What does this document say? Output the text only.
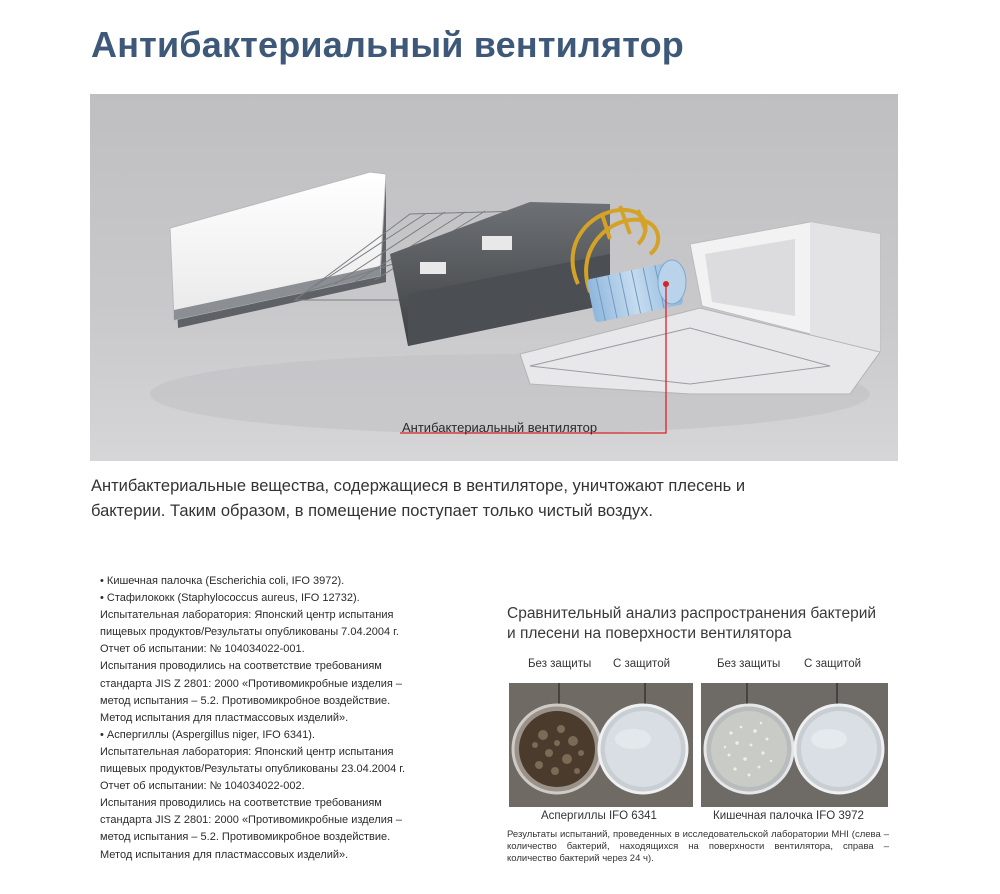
Антибактериальный вентилятор
Антибактериальный вентилятор
Антибактериальные вещества, содержащиеся в вентиляторе, уничтожают плесень и
бактерии. Таким образом, в помещение поступает только чистый воздух.

• Кишечная палочка (Escherichia coli, IFO 3972).

• Стафилококк (Staphylococcus aureus, IFO 12732).

Испытательная лаборатория: Японский центр испытания

пищевых продуктов/Результаты опубликованы 7.04.2004 г.

Отчет об испытании: № 104034022-001.

Испытания проводились на соответствие требованиям

стандарта JIS Z 2801: 2000 «Противомикробные изделия –

метод испытания – 5.2. Противомикробное воздействие.

Метод испытания для пластмассовых изделий».

• Аспергиллы (Aspergillus niger, IFO 6341).

Испытательная лаборатория: Японский центр испытания

пищевых продуктов/Результаты опубликованы 23.04.2004 г.

Отчет об испытании: № 104034022-002.

Испытания проводились на соответствие требованиям

стандарта JIS Z 2801: 2000 «Противомикробные изделия –

метод испытания – 5.2. Противомикробное воздействие.

Метод испытания для пластмассовых изделий».

Сравнительный анализ распространения бактерий
и плесени на поверхности вентилятора
Без защиты С защитой	Без защиты С защитой
Аспергиллы IFO 6341	Кишечная палочка IFO 3972
Результаты испытаний, проведенных в исследовательской лаборатории MHI (слева – количество бактерий, находящихся на поверхности вентилятора, справа – количество бактерий через 24 ч).
